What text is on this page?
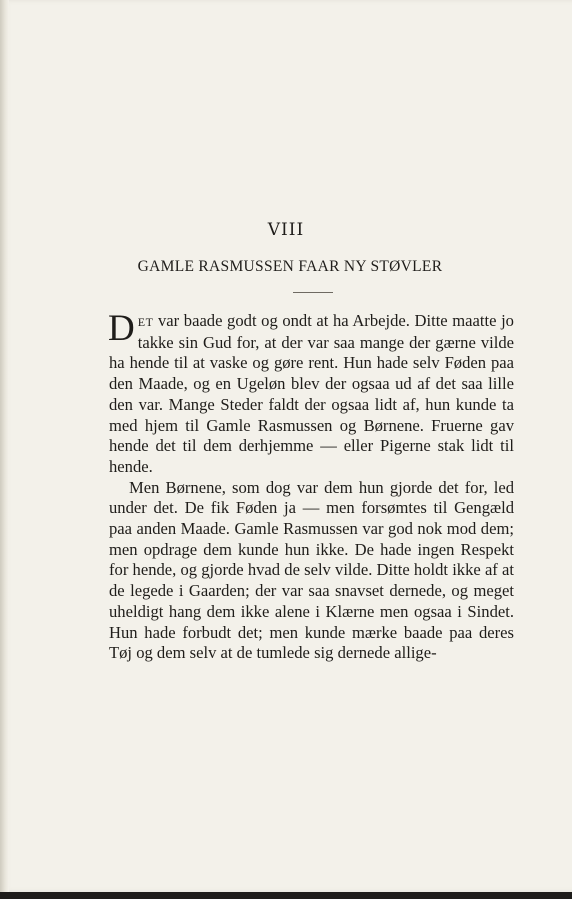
VIII
GAMLE RASMUSSEN FAAR NY STØVLER

DET var baade godt og ondt at ha Arbejde. Ditte maatte jo takke sin Gud for, at der var saa mange der gærne vilde ha hende til at vaske og gøre rent. Hun hade selv Føden paa den Maade, og en Ugeløn blev der ogsaa ud af det saa lille den var. Mange Steder faldt der ogsaa lidt af, hun kunde ta med hjem til Gamle Rasmussen og Børnene. Fruerne gav hende det til dem derhjemme — eller Pigerne stak lidt til hende.

Men Børnene, som dog var dem hun gjorde det for, led under det. De fik Føden ja — men forsømtes til Gengæld paa anden Maade. Gamle Rasmussen var god nok mod dem; men opdrage dem kunde hun ikke. De hade ingen Respekt for hende, og gjorde hvad de selv vilde. Ditte holdt ikke af at de legede i Gaarden; der var saa snavset dernede, og meget uheldigt hang dem ikke alene i Klærne men ogsaa i Sindet. Hun hade forbudt det; men kunde mærke baade paa deres Tøj og dem selv at de tumlede sig dernede allige-
